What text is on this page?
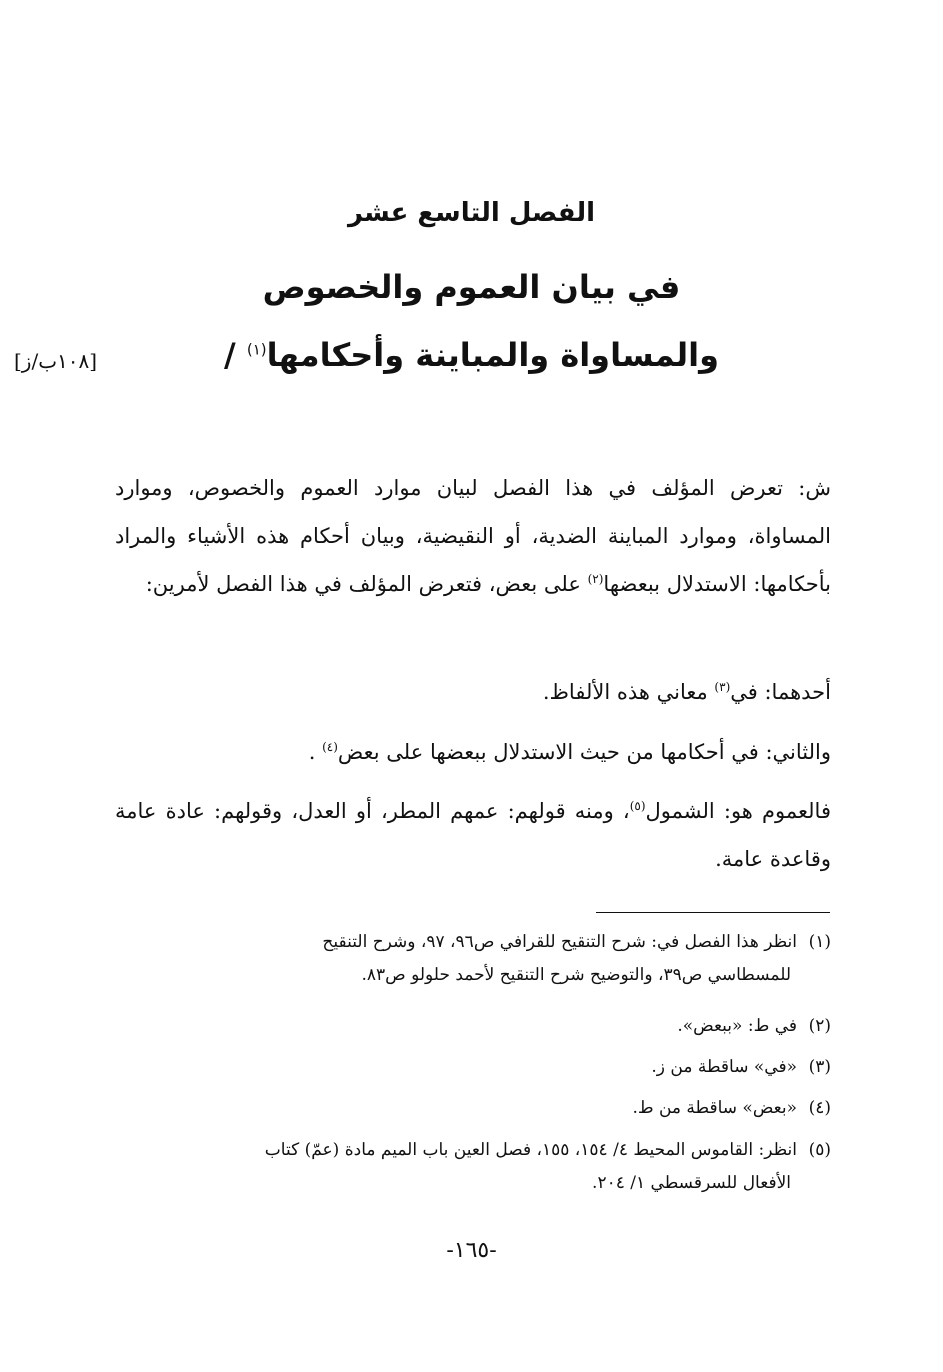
الفصل التاسع عشر
في بيان العموم والخصوص
والمساواة والمباينة وأحكامها$^{(١)}$ /
[١٠٨ب/ز]
ش: تعرض المؤلف في هذا الفصل لبيان موارد العموم والخصوص، وموارد المساواة، وموارد المباينة الضدية، أو النقيضية، وبيان أحكام هذه الأشياء والمراد بأحكامها: الاستدلال ببعضها$^{(٢)}$ على بعض، فتعرض المؤلف في هذا الفصل لأمرين:
أحدهما: في$^{(٣)}$ معاني هذه الألفاظ.
والثاني: في أحكامها من حيث الاستدلال ببعضها على بعض$^{(٤)}$ .
فالعموم هو: الشمول$^{(٥)}$، ومنه قولهم: عمهم المطر، أو العدل، وقولهم: عادة عامة وقاعدة عامة.
(١)انظر هذا الفصل في: شرح التنقيح للقرافي ص٩٦، ٩٧، وشرح التنقيح
للمسطاسي ص٣٩، والتوضيح شرح التنقيح لأحمد حلولو ص٨٣.
(٢)في ط: «ببعض».
(٣)«في» ساقطة من ز.
(٤)«بعض» ساقطة من ط.
(٥)انظر: القاموس المحيط ٤/ ١٥٤، ١٥٥، فصل العين باب الميم مادة (عمّ) كتاب
الأفعال للسرقسطي ١/ ٢٠٤.
-١٦٥-
